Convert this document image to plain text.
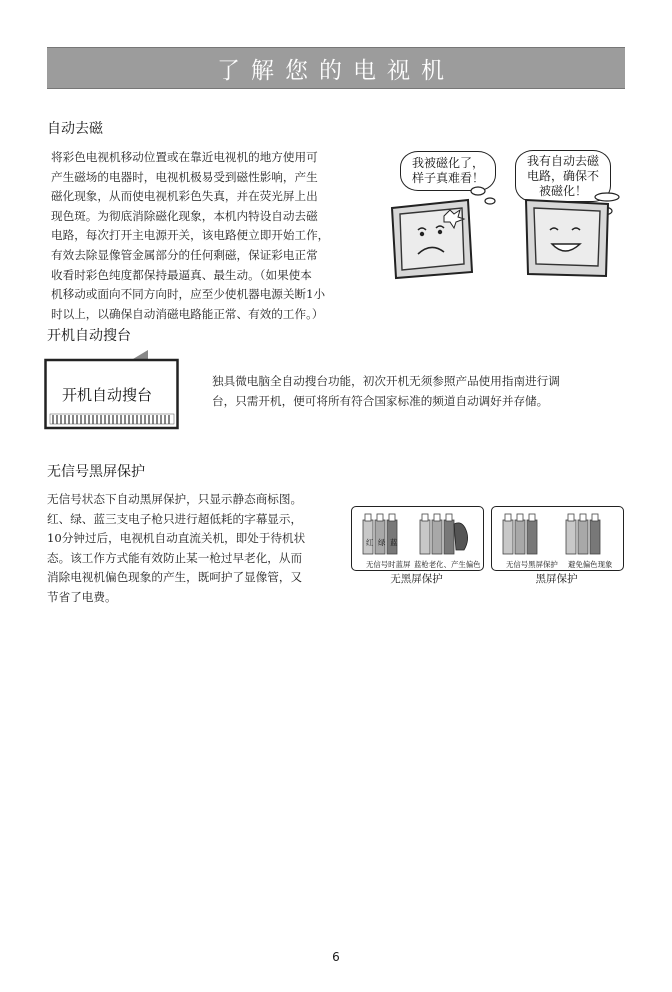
了解您的电视机
自动去磁
将彩色电视机移动位置或在靠近电视机的地方使用可
产生磁场的电器时，电视机极易受到磁性影响，产生
磁化现象，从而使电视机彩色失真，并在荧光屏上出
现色斑。为彻底消除磁化现象，本机内特设自动去磁
电路，每次打开主电源开关，该电路便立即开始工作，
有效去除显像管金属部分的任何剩磁，保证彩电正常
收看时彩色纯度都保持最逼真、最生动。（如果使本
机移动或面向不同方向时，应至少使机器电源关断1小
时以上，以确保自动消磁电路能正常、有效的工作。）
我被磁化了，
样子真难看！
我有自动去磁
电路，确保不
被磁化！
开机自动搜台
开机自动搜台
独具微电脑全自动搜台功能，初次开机无须参照产品使用指南进行调
台，只需开机，便可将所有符合国家标准的频道自动调好并存储。
无信号黑屏保护
无信号状态下自动黑屏保护，只显示静态商标图。
红、绿、蓝三支电子枪只进行超低耗的字幕显示，
10分钟过后，电视机自动直流关机，即处于待机状
态。该工作方式能有效防止某一枪过早老化，从而
消除电视机偏色现象的产生，既呵护了显像管，又
节省了电费。
红 绿 蓝
无信号时蓝屏 蓝枪老化、产生偏色
无黑屏保护
无信号黑屏保护 避免偏色现象
黑屏保护
6
